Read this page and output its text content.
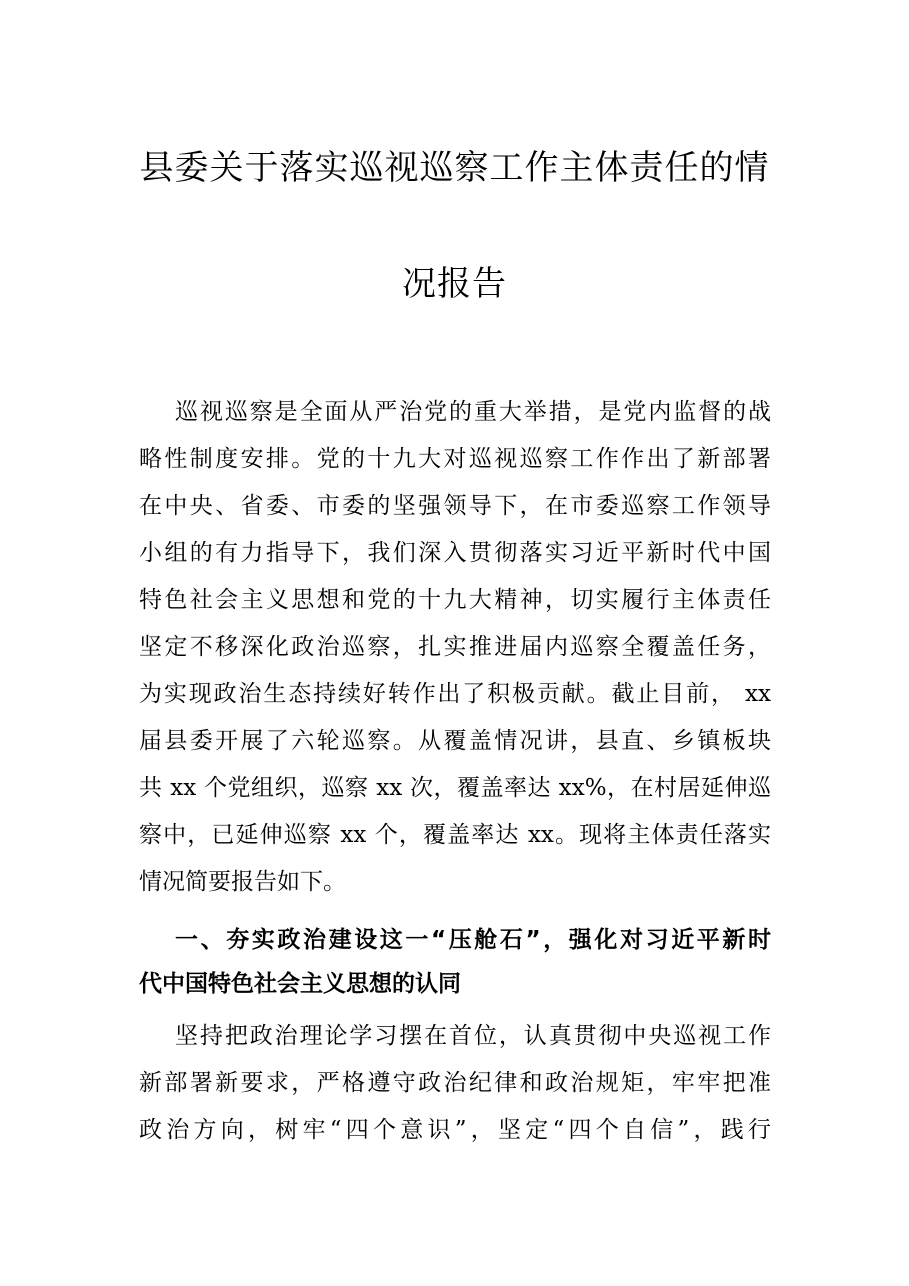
县委关于落实巡视巡察工作主体责任的情
况报告
巡视巡察是全面从严治党的重大举措，是党内监督的战
略性制度安排。党的十九大对巡视巡察工作作出了新部署
在中央、省委、市委的坚强领导下，在市委巡察工作领导
小组的有力指导下，我们深入贯彻落实习近平新时代中国
特色社会主义思想和党的十九大精神，切实履行主体责任
坚定不移深化政治巡察，扎实推进届内巡察全覆盖任务，
为实现政治生态持续好转作出了积极贡献。截止目前， xx
届县委开展了六轮巡察。从覆盖情况讲，县直、乡镇板块
共 xx 个党组织，巡察 xx 次，覆盖率达 xx%，在村居延伸巡
察中，已延伸巡察 xx 个，覆盖率达 xx。现将主体责任落实
情况简要报告如下。
一、夯实政治建设这一“压舱石”，强化对习近平新时
代中国特色社会主义思想的认同
坚持把政治理论学习摆在首位，认真贯彻中央巡视工作
新部署新要求，严格遵守政治纪律和政治规矩，牢牢把准
政治方向，树牢“四个意识”，坚定“四个自信”，践行
